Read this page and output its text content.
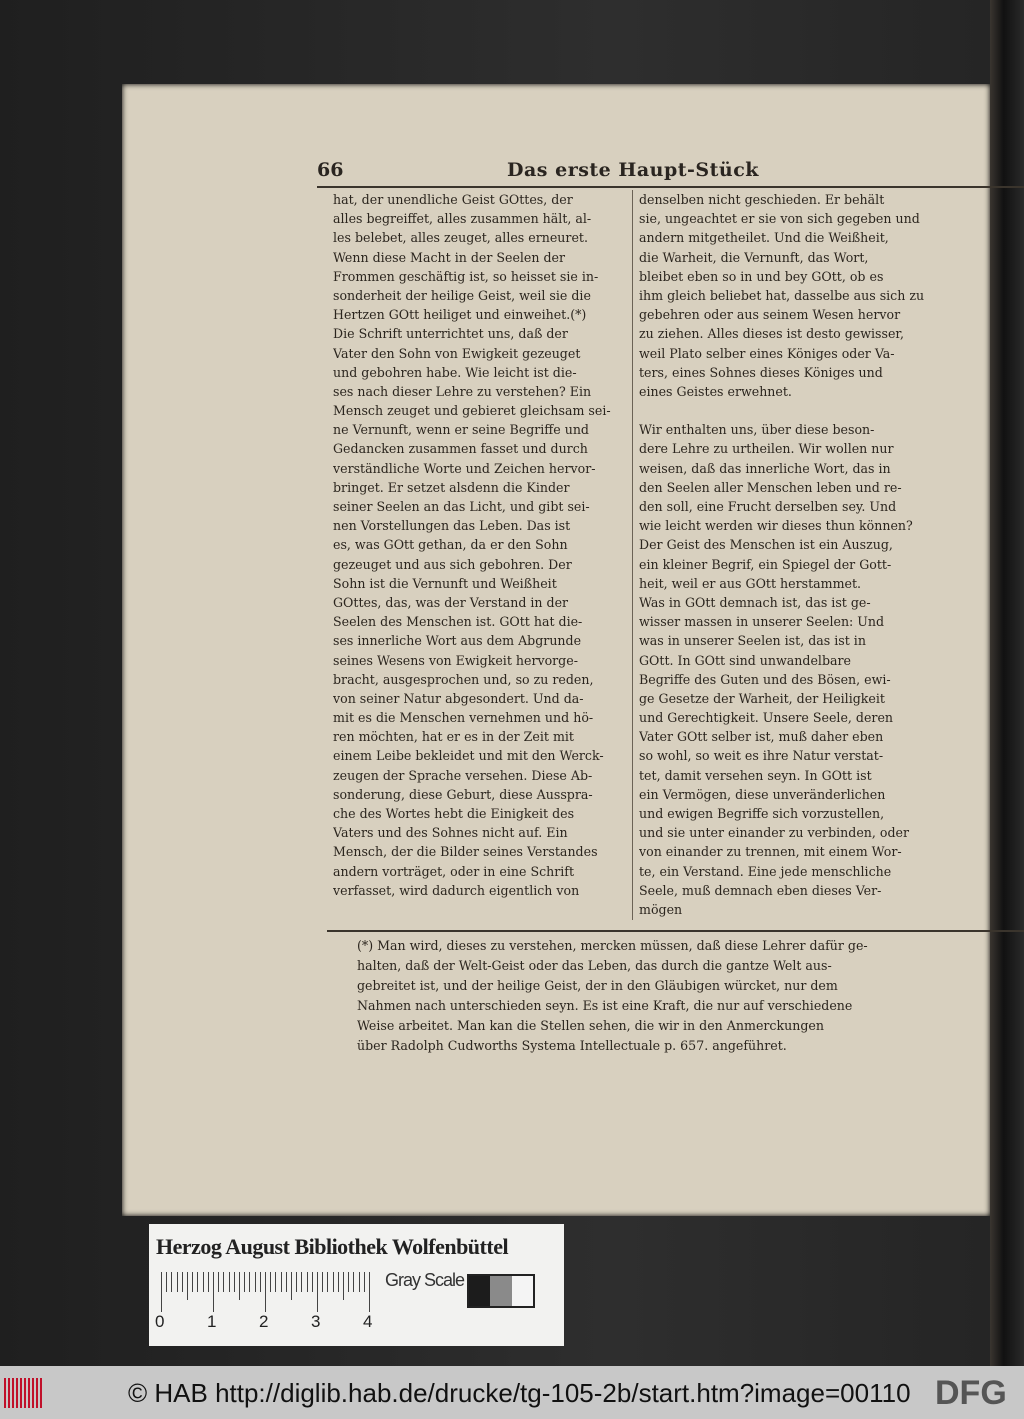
66	Das erste Haupt-Stück
hat, der unendliche Geist GOttes, der
alles begreiffet, alles zusammen hält, al-
les belebet, alles zeuget, alles erneuret.
Wenn diese Macht in der Seelen der
Frommen geschäftig ist, so heisset sie in-
sonderheit der heilige Geist, weil sie die
Hertzen GOtt heiliget und einweihet.(*)
Die Schrift unterrichtet uns, daß der
Vater den Sohn von Ewigkeit gezeuget
und gebohren habe. Wie leicht ist die-
ses nach dieser Lehre zu verstehen? Ein
Mensch zeuget und gebieret gleichsam sei-
ne Vernunft, wenn er seine Begriffe und
Gedancken zusammen fasset und durch
verständliche Worte und Zeichen hervor-
bringet. Er setzet alsdenn die Kinder
seiner Seelen an das Licht, und gibt sei-
nen Vorstellungen das Leben. Das ist
es, was GOtt gethan, da er den Sohn
gezeuget und aus sich gebohren. Der
Sohn ist die Vernunft und Weißheit
GOttes, das, was der Verstand in der
Seelen des Menschen ist. GOtt hat die-
ses innerliche Wort aus dem Abgrunde
seines Wesens von Ewigkeit hervorge-
bracht, ausgesprochen und, so zu reden,
von seiner Natur abgesondert. Und da-
mit es die Menschen vernehmen und hö-
ren möchten, hat er es in der Zeit mit
einem Leibe bekleidet und mit den Werck-
zeugen der Sprache versehen. Diese Ab-
sonderung, diese Geburt, diese Ausspra-
che des Wortes hebt die Einigkeit des
Vaters und des Sohnes nicht auf. Ein
Mensch, der die Bilder seines Verstandes
andern vorträget, oder in eine Schrift
verfasset, wird dadurch eigentlich von
denselben nicht geschieden. Er behält
sie, ungeachtet er sie von sich gegeben und
andern mitgetheilet. Und die Weißheit,
die Warheit, die Vernunft, das Wort,
bleibet eben so in und bey GOtt, ob es
ihm gleich beliebet hat, dasselbe aus sich zu
gebehren oder aus seinem Wesen hervor
zu ziehen. Alles dieses ist desto gewisser,
weil Plato selber eines Königes oder Va-
ters, eines Sohnes dieses Königes und
eines Geistes erwehnet.

Wir enthalten uns, über diese beson-
dere Lehre zu urtheilen. Wir wollen nur
weisen, daß das innerliche Wort, das in
den Seelen aller Menschen leben und re-
den soll, eine Frucht derselben sey. Und
wie leicht werden wir dieses thun können?
Der Geist des Menschen ist ein Auszug,
ein kleiner Begrif, ein Spiegel der Gott-
heit, weil er aus GOtt herstammet.
Was in GOtt demnach ist, das ist ge-
wisser massen in unserer Seelen: Und
was in unserer Seelen ist, das ist in
GOtt. In GOtt sind unwandelbare
Begriffe des Guten und des Bösen, ewi-
ge Gesetze der Warheit, der Heiligkeit
und Gerechtigkeit. Unsere Seele, deren
Vater GOtt selber ist, muß daher eben
so wohl, so weit es ihre Natur verstat-
tet, damit versehen seyn. In GOtt ist
ein Vermögen, diese unveränderlichen
und ewigen Begriffe sich vorzustellen,
und sie unter einander zu verbinden, oder
von einander zu trennen, mit einem Wor-
te, ein Verstand. Eine jede menschliche
Seele, muß demnach eben dieses Ver-
mögen
(*) Man wird, dieses zu verstehen, mercken müssen, daß diese Lehrer dafür ge-
halten, daß der Welt-Geist oder das Leben, das durch die gantze Welt aus-
gebreitet ist, und der heilige Geist, der in den Gläubigen würcket, nur dem
Nahmen nach unterschieden seyn. Es ist eine Kraft, die nur auf verschiedene
Weise arbeitet. Man kan die Stellen sehen, die wir in den Anmerckungen
über Radolph Cudworths Systema Intellectuale p. 657. angeführet.
Herzog August Bibliothek Wolfenbüttel
0	1	2	3	4
Gray Scale
© HAB http://diglib.hab.de/drucke/tg-105-2b/start.htm?image=00110 DFG
